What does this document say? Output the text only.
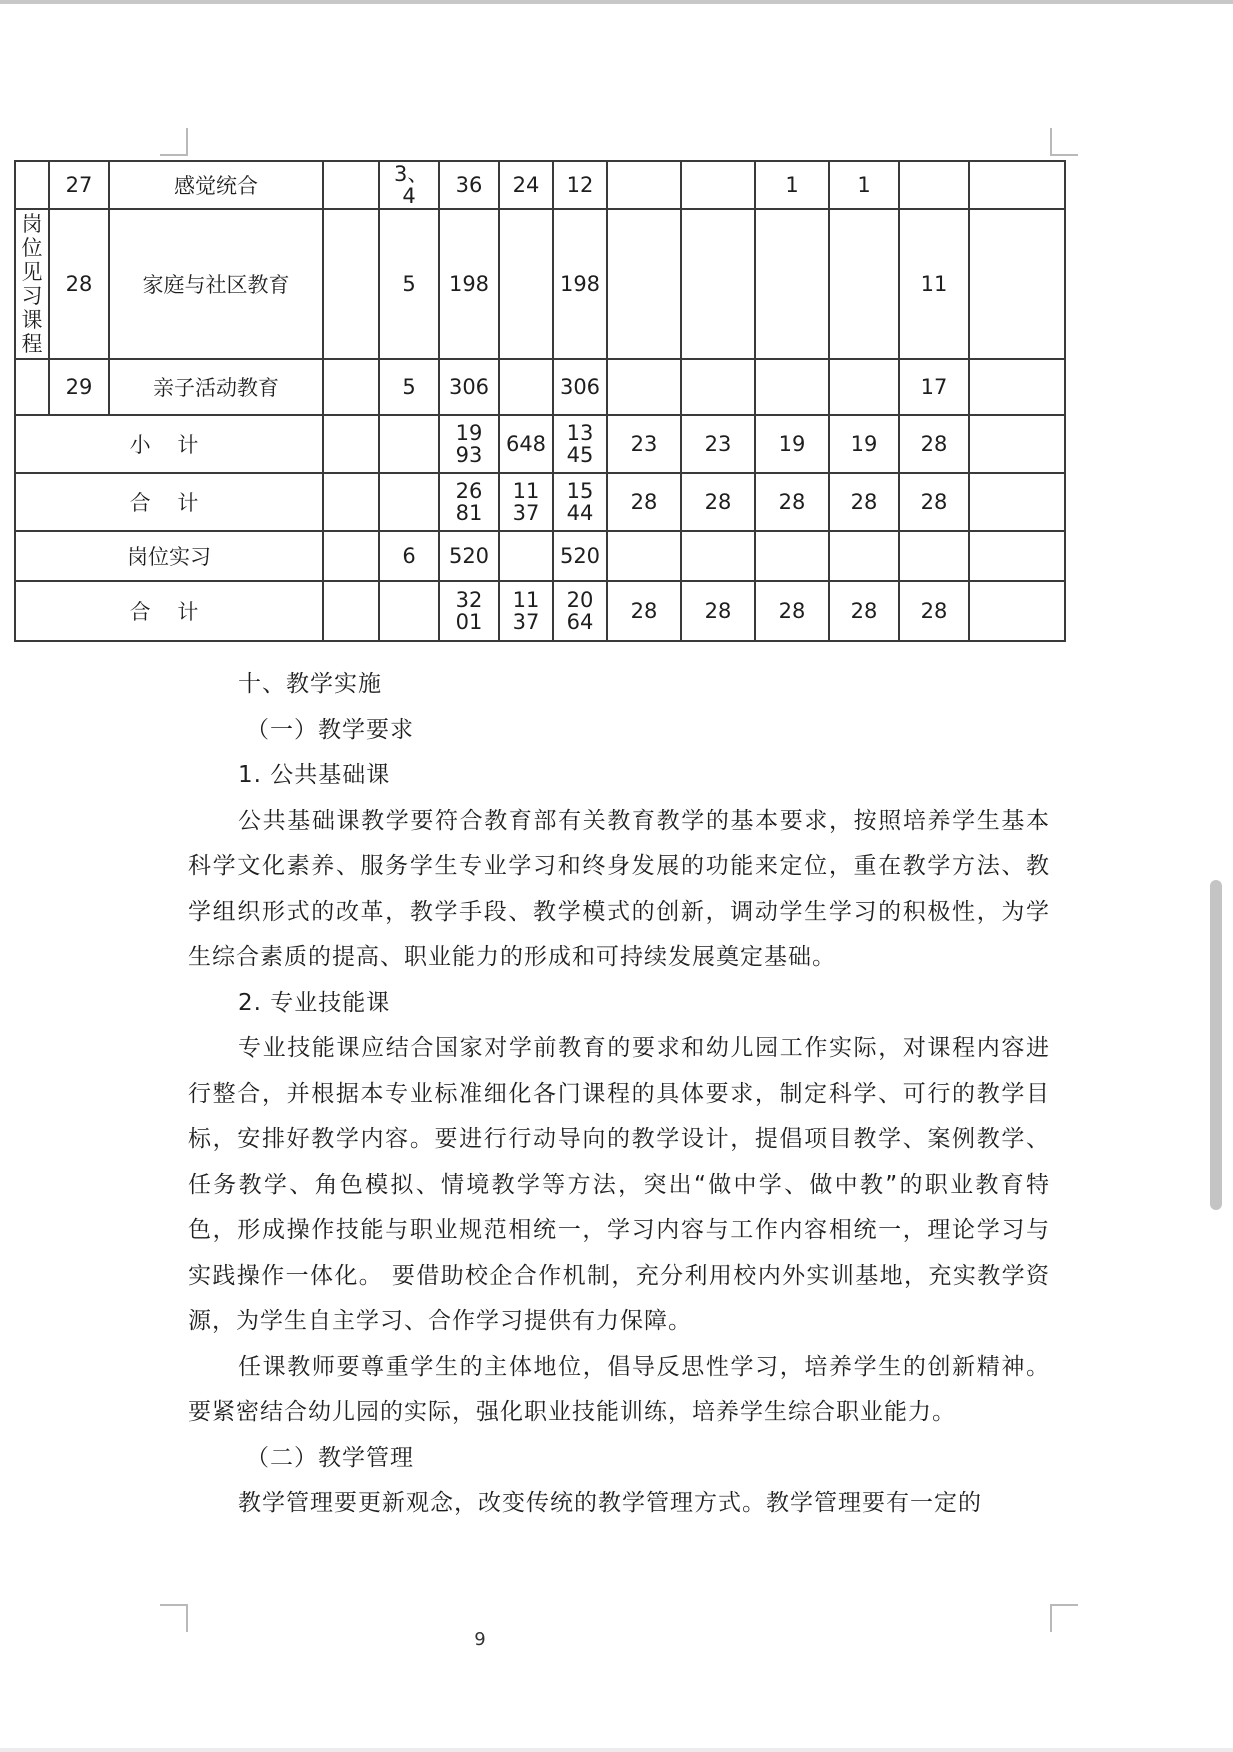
	27	感觉统合		3、4	36	24	12			1	1		

岗位见习课程	28	家庭与社区教育		5	198		198					11	
	29	亲子活动教育		5	306		306					17	
小 计					1993	648	1345	23	23	19	19	28	
合 计					2681	1137	1544	28	28	28	28	28	
岗位实习				6	520		520						
合 计					3201	1137	2064	28	28	28	28	28	

十、教学实施

（一）教学要求

1. 公共基础课

公共基础课教学要符合教育部有关教育教学的基本要求，按照培养学生基本科学文化素养、服务学生专业学习和终身发展的功能来定位，重在教学方法、教学组织形式的改革，教学手段、教学模式的创新，调动学生学习的积极性，为学生综合素质的提高、职业能力的形成和可持续发展奠定基础。

2. 专业技能课

专业技能课应结合国家对学前教育的要求和幼儿园工作实际，对课程内容进行整合，并根据本专业标准细化各门课程的具体要求，制定科学、可行的教学目标，安排好教学内容。要进行行动导向的教学设计，提倡项目教学、案例教学、任务教学、角色模拟、情境教学等方法，突出“做中学、做中教”的职业教育特色，形成操作技能与职业规范相统一，学习内容与工作内容相统一，理论学习与实践操作一体化。 要借助校企合作机制，充分利用校内外实训基地，充实教学资源，为学生自主学习、合作学习提供有力保障。

任课教师要尊重学生的主体地位，倡导反思性学习，培养学生的创新精神。要紧密结合幼儿园的实际，强化职业技能训练，培养学生综合职业能力。

（二）教学管理

教学管理要更新观念，改变传统的教学管理方式。教学管理要有一定的

9
